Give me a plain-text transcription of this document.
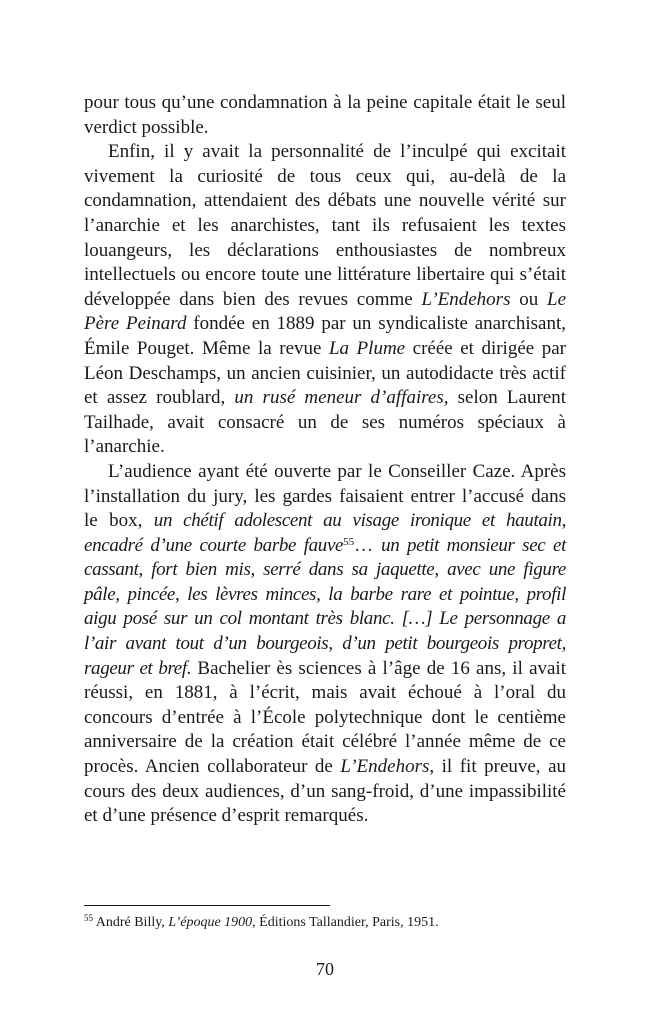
pour tous qu’une condamnation à la peine capitale était le seul verdict possible.

Enfin, il y avait la personnalité de l’inculpé qui excitait vivement la curiosité de tous ceux qui, au-delà de la condamnation, attendaient des débats une nouvelle vérité sur l’anarchie et les anarchistes, tant ils refusaient les textes louangeurs, les déclarations enthousiastes de nombreux intellectuels ou encore toute une littérature libertaire qui s’était développée dans bien des revues comme L’Endehors ou Le Père Peinard fondée en 1889 par un syndicaliste anarchisant, Émile Pouget. Même la revue La Plume créée et dirigée par Léon Deschamps, un ancien cuisinier, un autodidacte très actif et assez roublard, un rusé meneur d’affaires, selon Laurent Tailhade, avait consacré un de ses numéros spéciaux à l’anarchie.

L’audience ayant été ouverte par le Conseiller Caze. Après l’installation du jury, les gardes faisaient entrer l’accusé dans le box, un chétif adolescent au visage ironique et hautain, encadré d’une courte barbe fauve$^{55}$… un petit monsieur sec et cassant, fort bien mis, serré dans sa jaquette, avec une figure pâle, pincée, les lèvres minces, la barbe rare et pointue, profil aigu posé sur un col montant très blanc. […] Le personnage a l’air avant tout d’un bourgeois, d’un petit bourgeois propret, rageur et bref. Bachelier ès sciences à l’âge de 16 ans, il avait réussi, en 1881, à l’écrit, mais avait échoué à l’oral du concours d’entrée à l’École polytechnique dont le centième anniversaire de la création était célébré l’année même de ce procès. Ancien collaborateur de L’Endehors, il fit preuve, au cours des deux audiences, d’un sang-froid, d’une impassibilité et d’une présence d’esprit remarqués.

$^{55}$ André Billy, L’époque 1900, Éditions Tallandier, Paris, 1951.
70
